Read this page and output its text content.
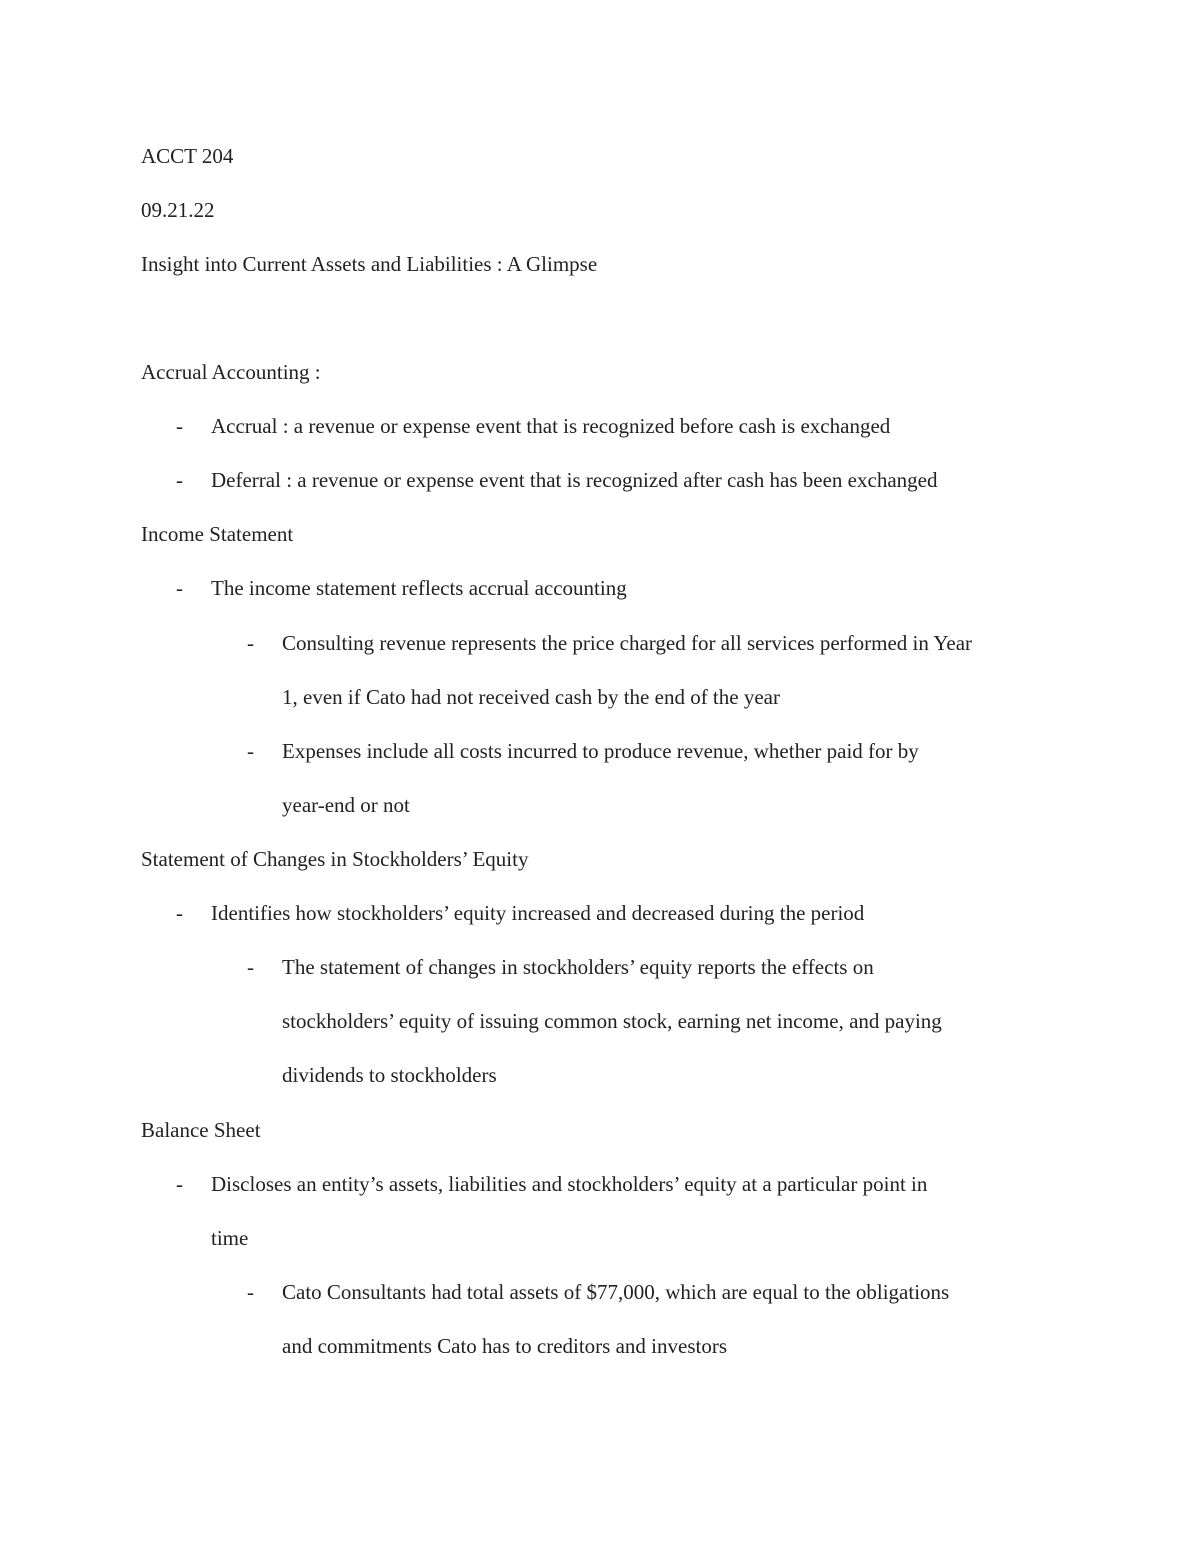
ACCT 204

09.21.22

Insight into Current Assets and Liabilities : A Glimpse

Accrual Accounting :

- Accrual : a revenue or expense event that is recognized before cash is exchanged

- Deferral : a revenue or expense event that is recognized after cash has been exchanged

Income Statement

- The income statement reflects accrual accounting

- Consulting revenue represents the price charged for all services performed in Year

1, even if Cato had not received cash by the end of the year

- Expenses include all costs incurred to produce revenue, whether paid for by

year-end or not

Statement of Changes in Stockholders’ Equity

- Identifies how stockholders’ equity increased and decreased during the period

- The statement of changes in stockholders’ equity reports the effects on

stockholders’ equity of issuing common stock, earning net income, and paying

dividends to stockholders

Balance Sheet

- Discloses an entity’s assets, liabilities and stockholders’ equity at a particular point in

time

- Cato Consultants had total assets of $77,000, which are equal to the obligations

and commitments Cato has to creditors and investors
